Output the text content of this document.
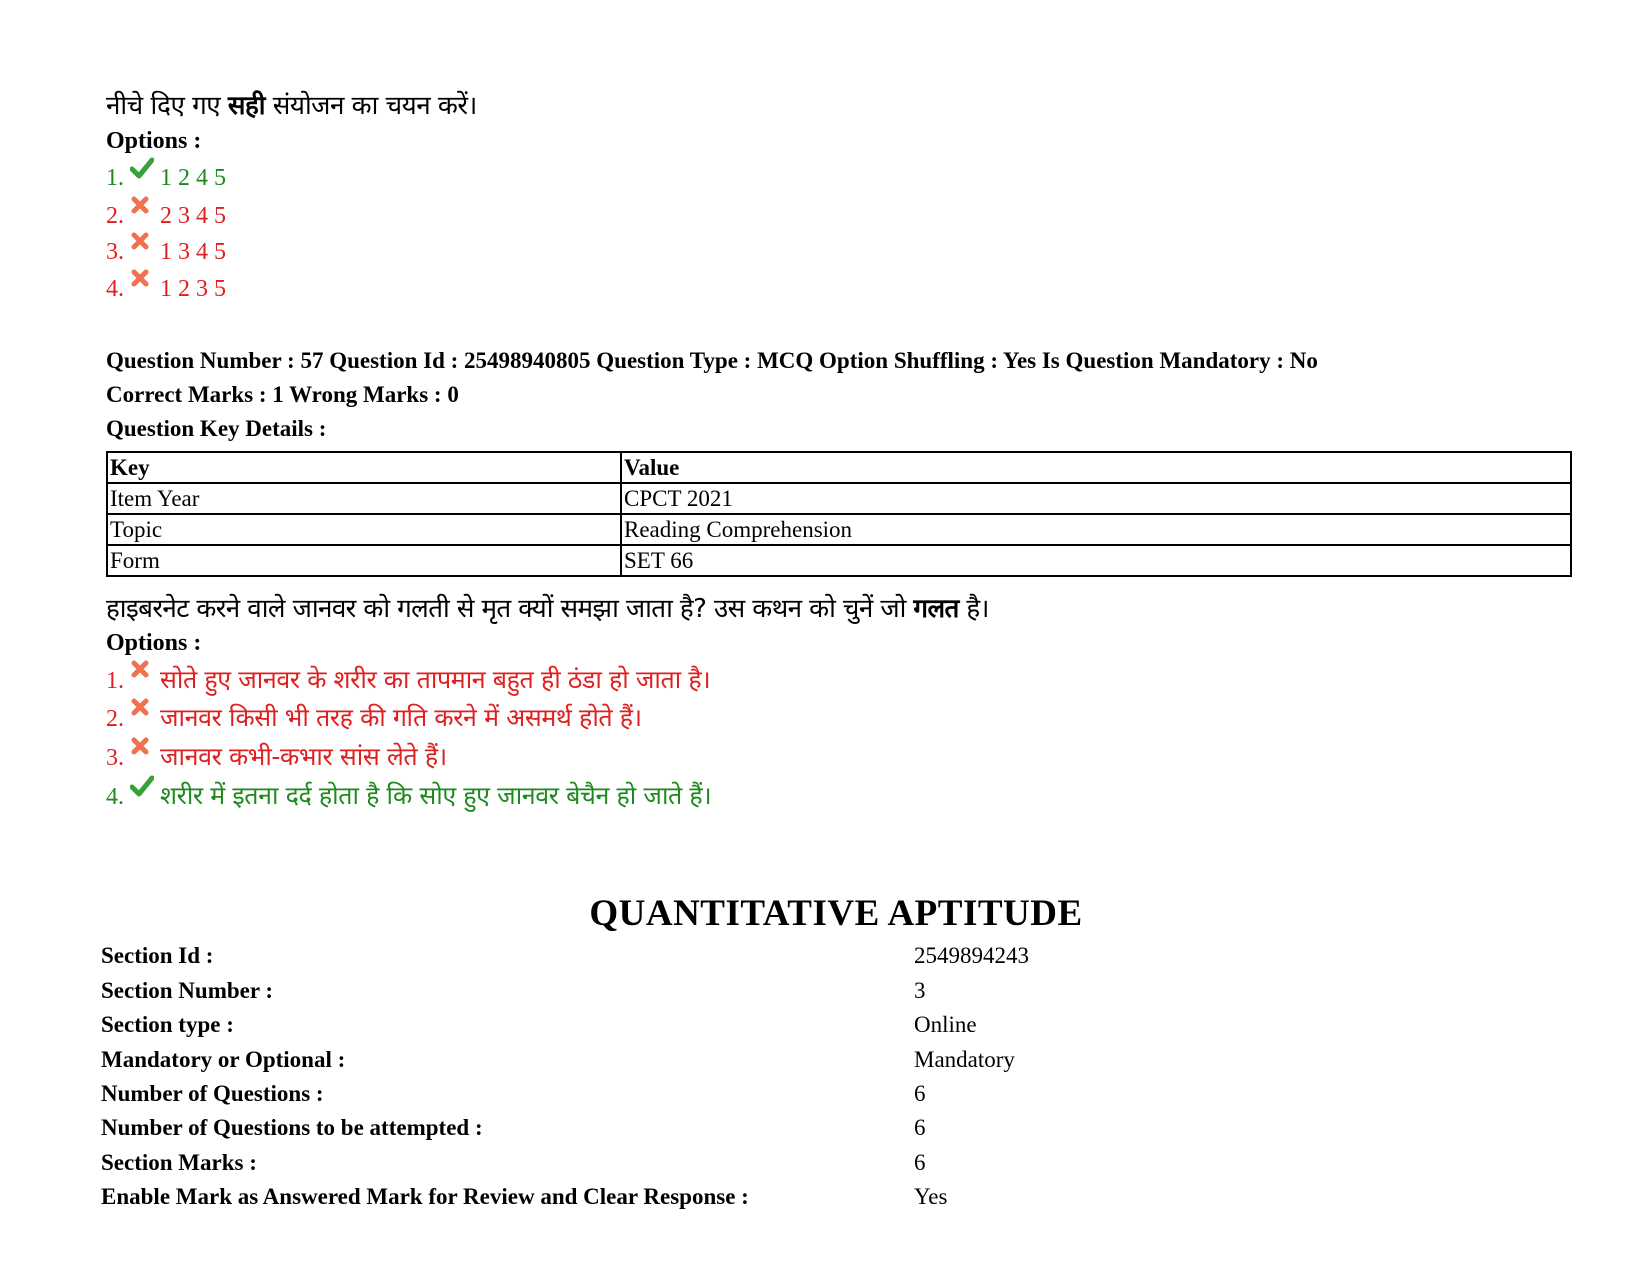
नीचे दिए गए सही संयोजन का चयन करें।
Options :
1. 1 2 4 5
2. 2 3 4 5
3. 1 3 4 5
4. 1 2 3 5
Question Number : 57 Question Id : 25498940805 Question Type : MCQ Option Shuffling : Yes Is Question Mandatory : No
Correct Marks : 1 Wrong Marks : 0
Question Key Details :
Key	Value
Item Year	CPCT 2021
Topic	Reading Comprehension
Form	SET 66
हाइबरनेट करने वाले जानवर को गलती से मृत क्यों समझा जाता है? उस कथन को चुनें जो गलत है।
Options :
1. सोते हुए जानवर के शरीर का तापमान बहुत ही ठंडा हो जाता है।
2. जानवर किसी भी तरह की गति करने में असमर्थ होते हैं।
3. जानवर कभी-कभार सांस लेते हैं।
4. शरीर में इतना दर्द होता है कि सोए हुए जानवर बेचैन हो जाते हैं।
QUANTITATIVE APTITUDE
Section Id :	2549894243
Section Number :	3
Section type :	Online
Mandatory or Optional :	Mandatory
Number of Questions :	6
Number of Questions to be attempted :	6
Section Marks :	6
Enable Mark as Answered Mark for Review and Clear Response :	Yes
